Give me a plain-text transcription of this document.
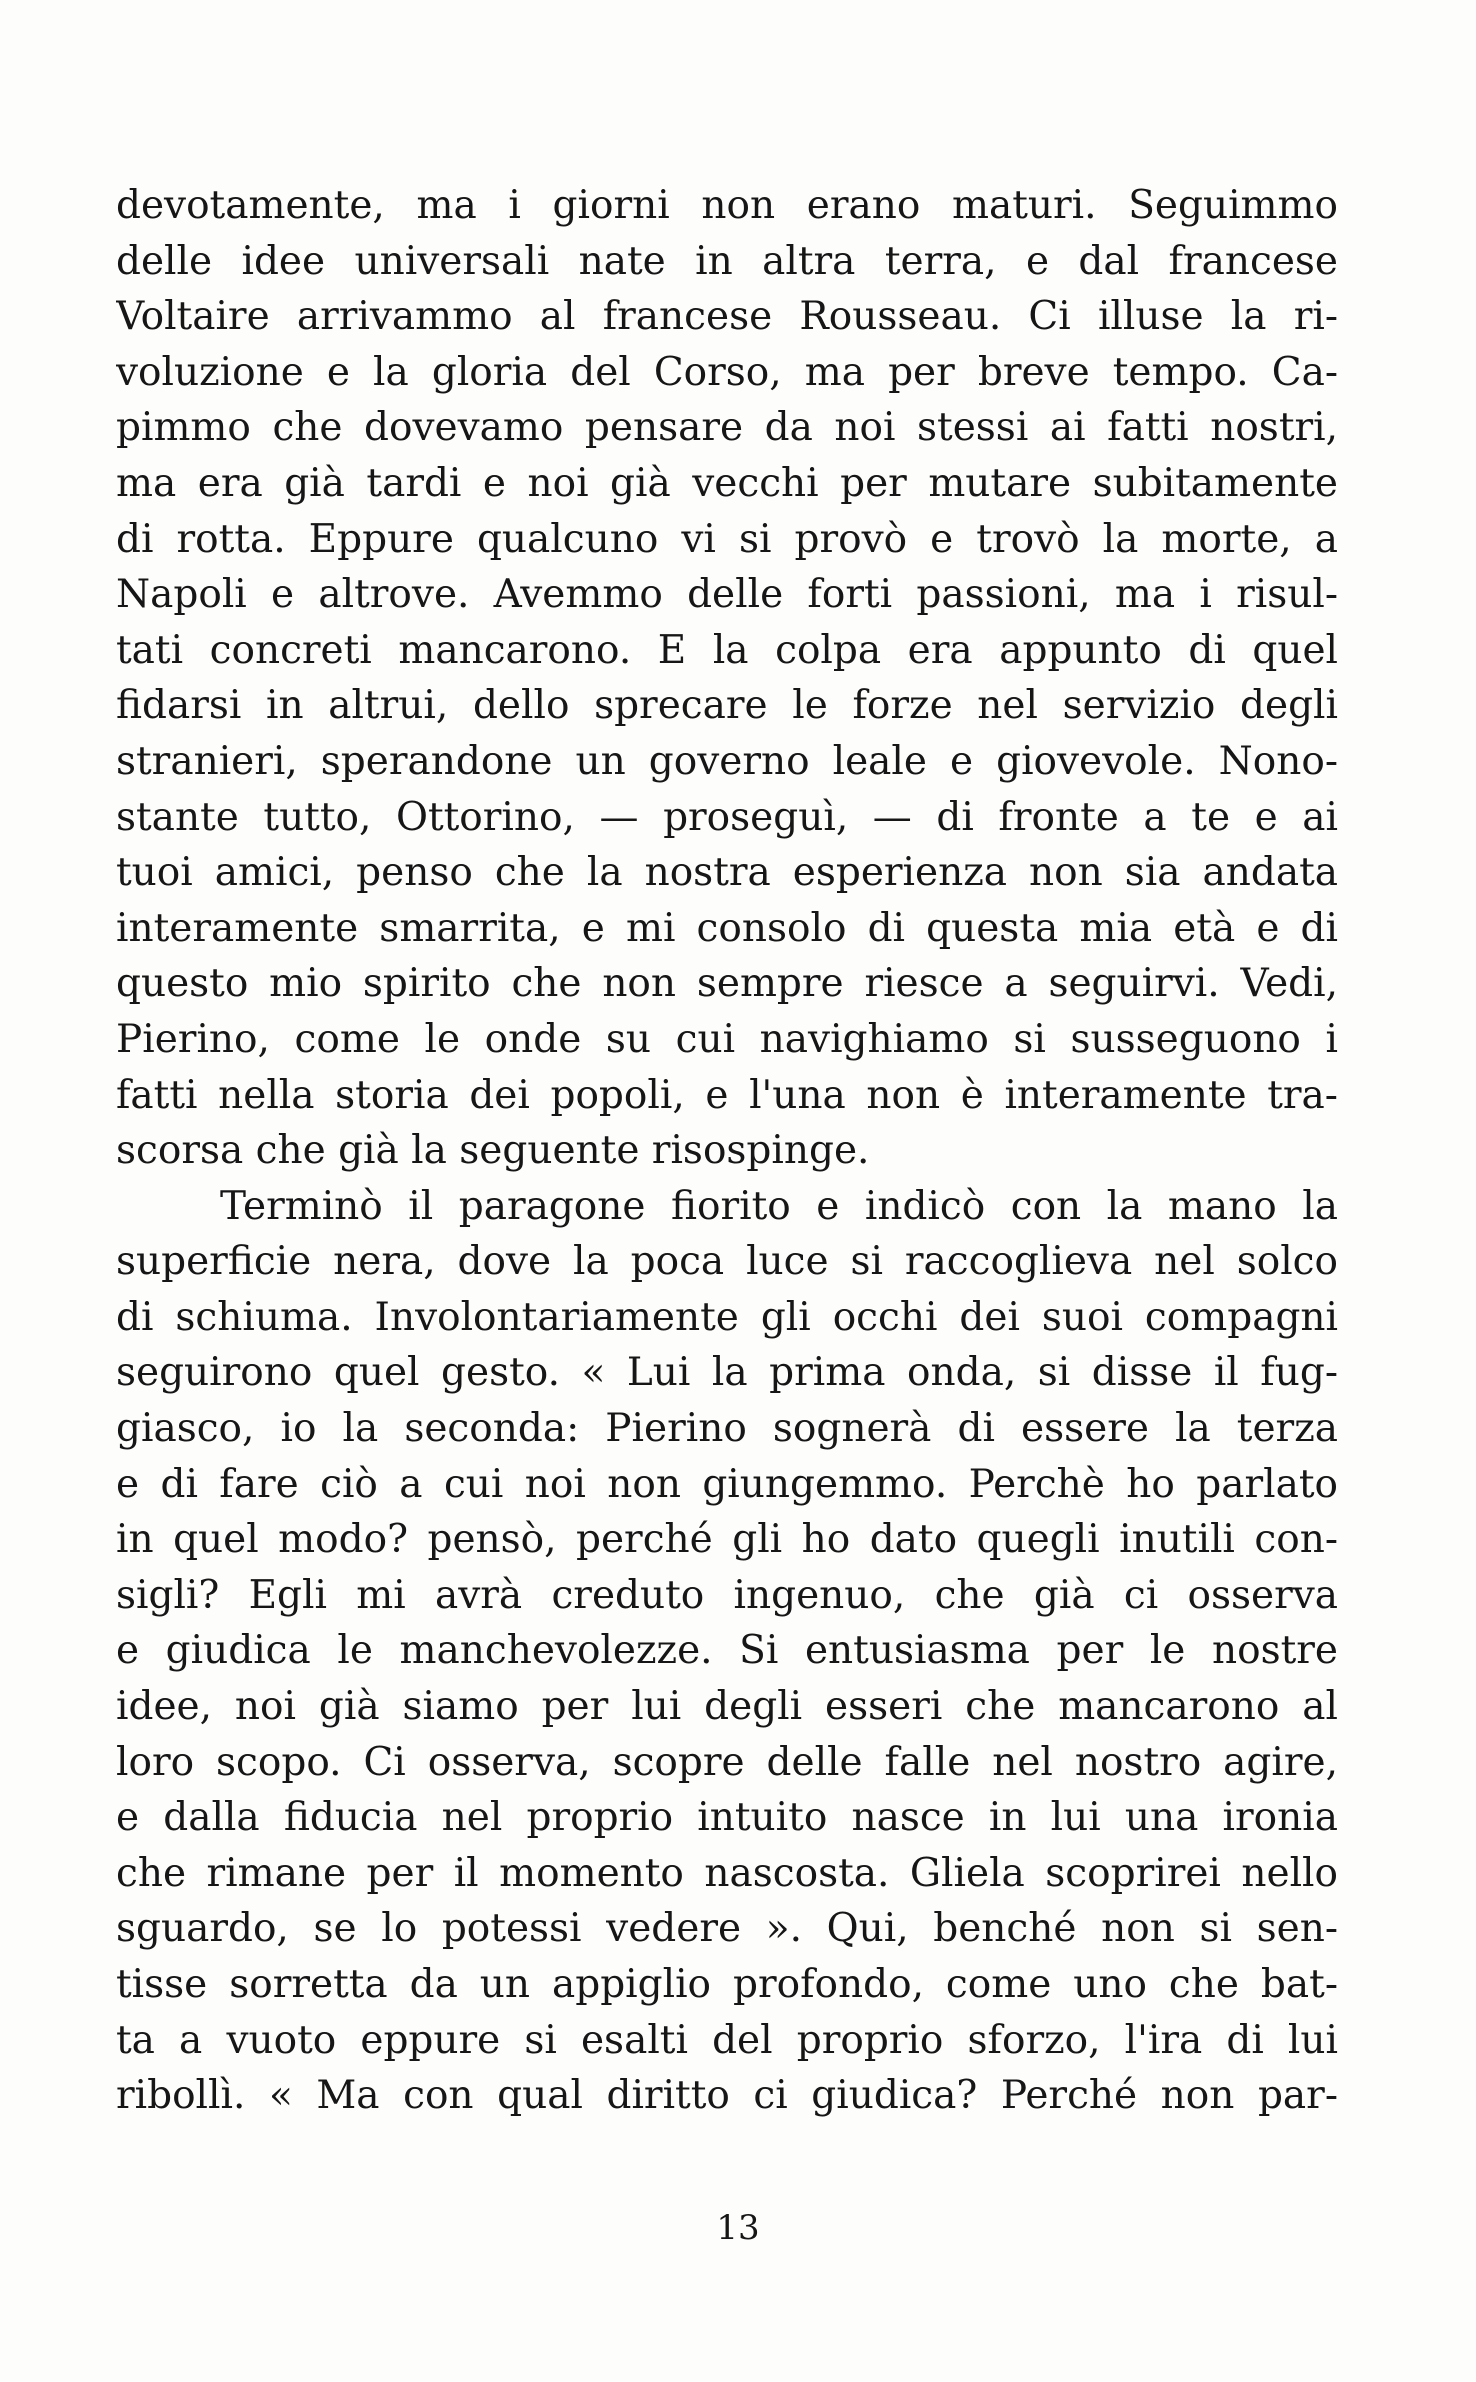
devotamente, ma i giorni non erano maturi. Seguimmo
delle idee universali nate in altra terra, e dal francese
Voltaire arrivammo al francese Rousseau. Ci illuse la ri-
voluzione e la gloria del Corso, ma per breve tempo. Ca-
pimmo che dovevamo pensare da noi stessi ai fatti nostri,
ma era già tardi e noi già vecchi per mutare subitamente
di rotta. Eppure qualcuno vi si provò e trovò la morte, a
Napoli e altrove. Avemmo delle forti passioni, ma i risul-
tati concreti mancarono. E la colpa era appunto di quel
fidarsi in altrui, dello sprecare le forze nel servizio degli
stranieri, sperandone un governo leale e giovevole. Nono-
stante tutto, Ottorino, — proseguì, — di fronte a te e ai
tuoi amici, penso che la nostra esperienza non sia andata
interamente smarrita, e mi consolo di questa mia età e di
questo mio spirito che non sempre riesce a seguirvi. Vedi,
Pierino, come le onde su cui navighiamo si susseguono i
fatti nella storia dei popoli, e l'una non è interamente tra-
scorsa che già la seguente risospinge.
Terminò il paragone fiorito e indicò con la mano la
superficie nera, dove la poca luce si raccoglieva nel solco
di schiuma. Involontariamente gli occhi dei suoi compagni
seguirono quel gesto. « Lui la prima onda, si disse il fug-
giasco, io la seconda: Pierino sognerà di essere la terza
e di fare ciò a cui noi non giungemmo. Perchè ho parlato
in quel modo? pensò, perché gli ho dato quegli inutili con-
sigli? Egli mi avrà creduto ingenuo, che già ci osserva
e giudica le manchevolezze. Si entusiasma per le nostre
idee, noi già siamo per lui degli esseri che mancarono al
loro scopo. Ci osserva, scopre delle falle nel nostro agire,
e dalla fiducia nel proprio intuito nasce in lui una ironia
che rimane per il momento nascosta. Gliela scoprirei nello
sguardo, se lo potessi vedere ». Qui, benché non si sen-
tisse sorretta da un appiglio profondo, come uno che bat-
ta a vuoto eppure si esalti del proprio sforzo, l'ira di lui
ribollì. « Ma con qual diritto ci giudica? Perché non par-
13
